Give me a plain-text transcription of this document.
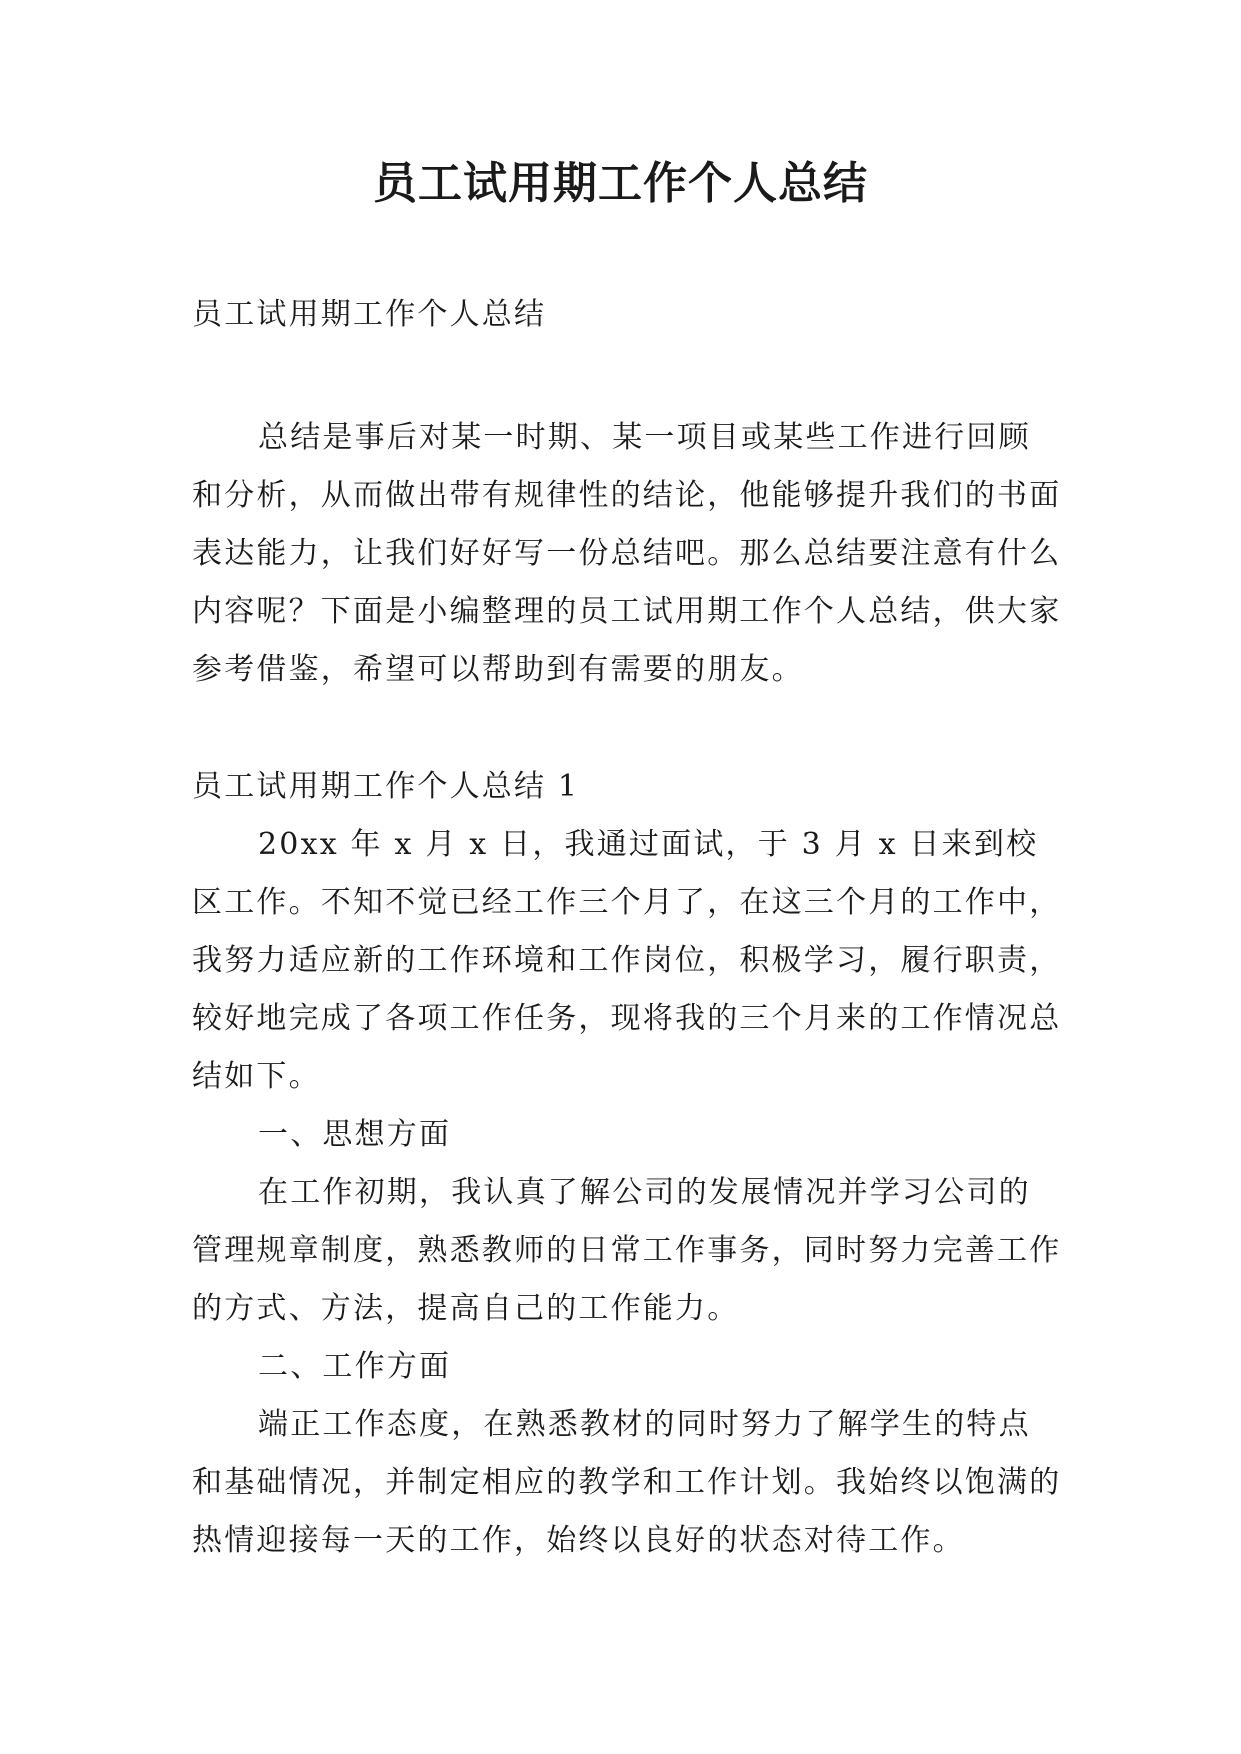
员工试用期工作个人总结

员工试用期工作个人总结

总结是事后对某一时期、某一项目或某些工作进行回顾和分析，从而做出带有规律性的结论，他能够提升我们的书面表达能力，让我们好好写一份总结吧。那么总结要注意有什么内容呢？下面是小编整理的员工试用期工作个人总结，供大家参考借鉴，希望可以帮助到有需要的朋友。

员工试用期工作个人总结 1

20xx 年 x 月 x 日，我通过面试，于 3 月 x 日来到校区工作。不知不觉已经工作三个月了，在这三个月的工作中，我努力适应新的工作环境和工作岗位，积极学习，履行职责，较好地完成了各项工作任务，现将我的三个月来的工作情况总结如下。

一、思想方面

在工作初期，我认真了解公司的发展情况并学习公司的管理规章制度，熟悉教师的日常工作事务，同时努力完善工作的方式、方法，提高自己的工作能力。

二、工作方面

端正工作态度，在熟悉教材的同时努力了解学生的特点和基础情况，并制定相应的教学和工作计划。我始终以饱满的热情迎接每一天的工作，始终以良好的状态对待工作。
